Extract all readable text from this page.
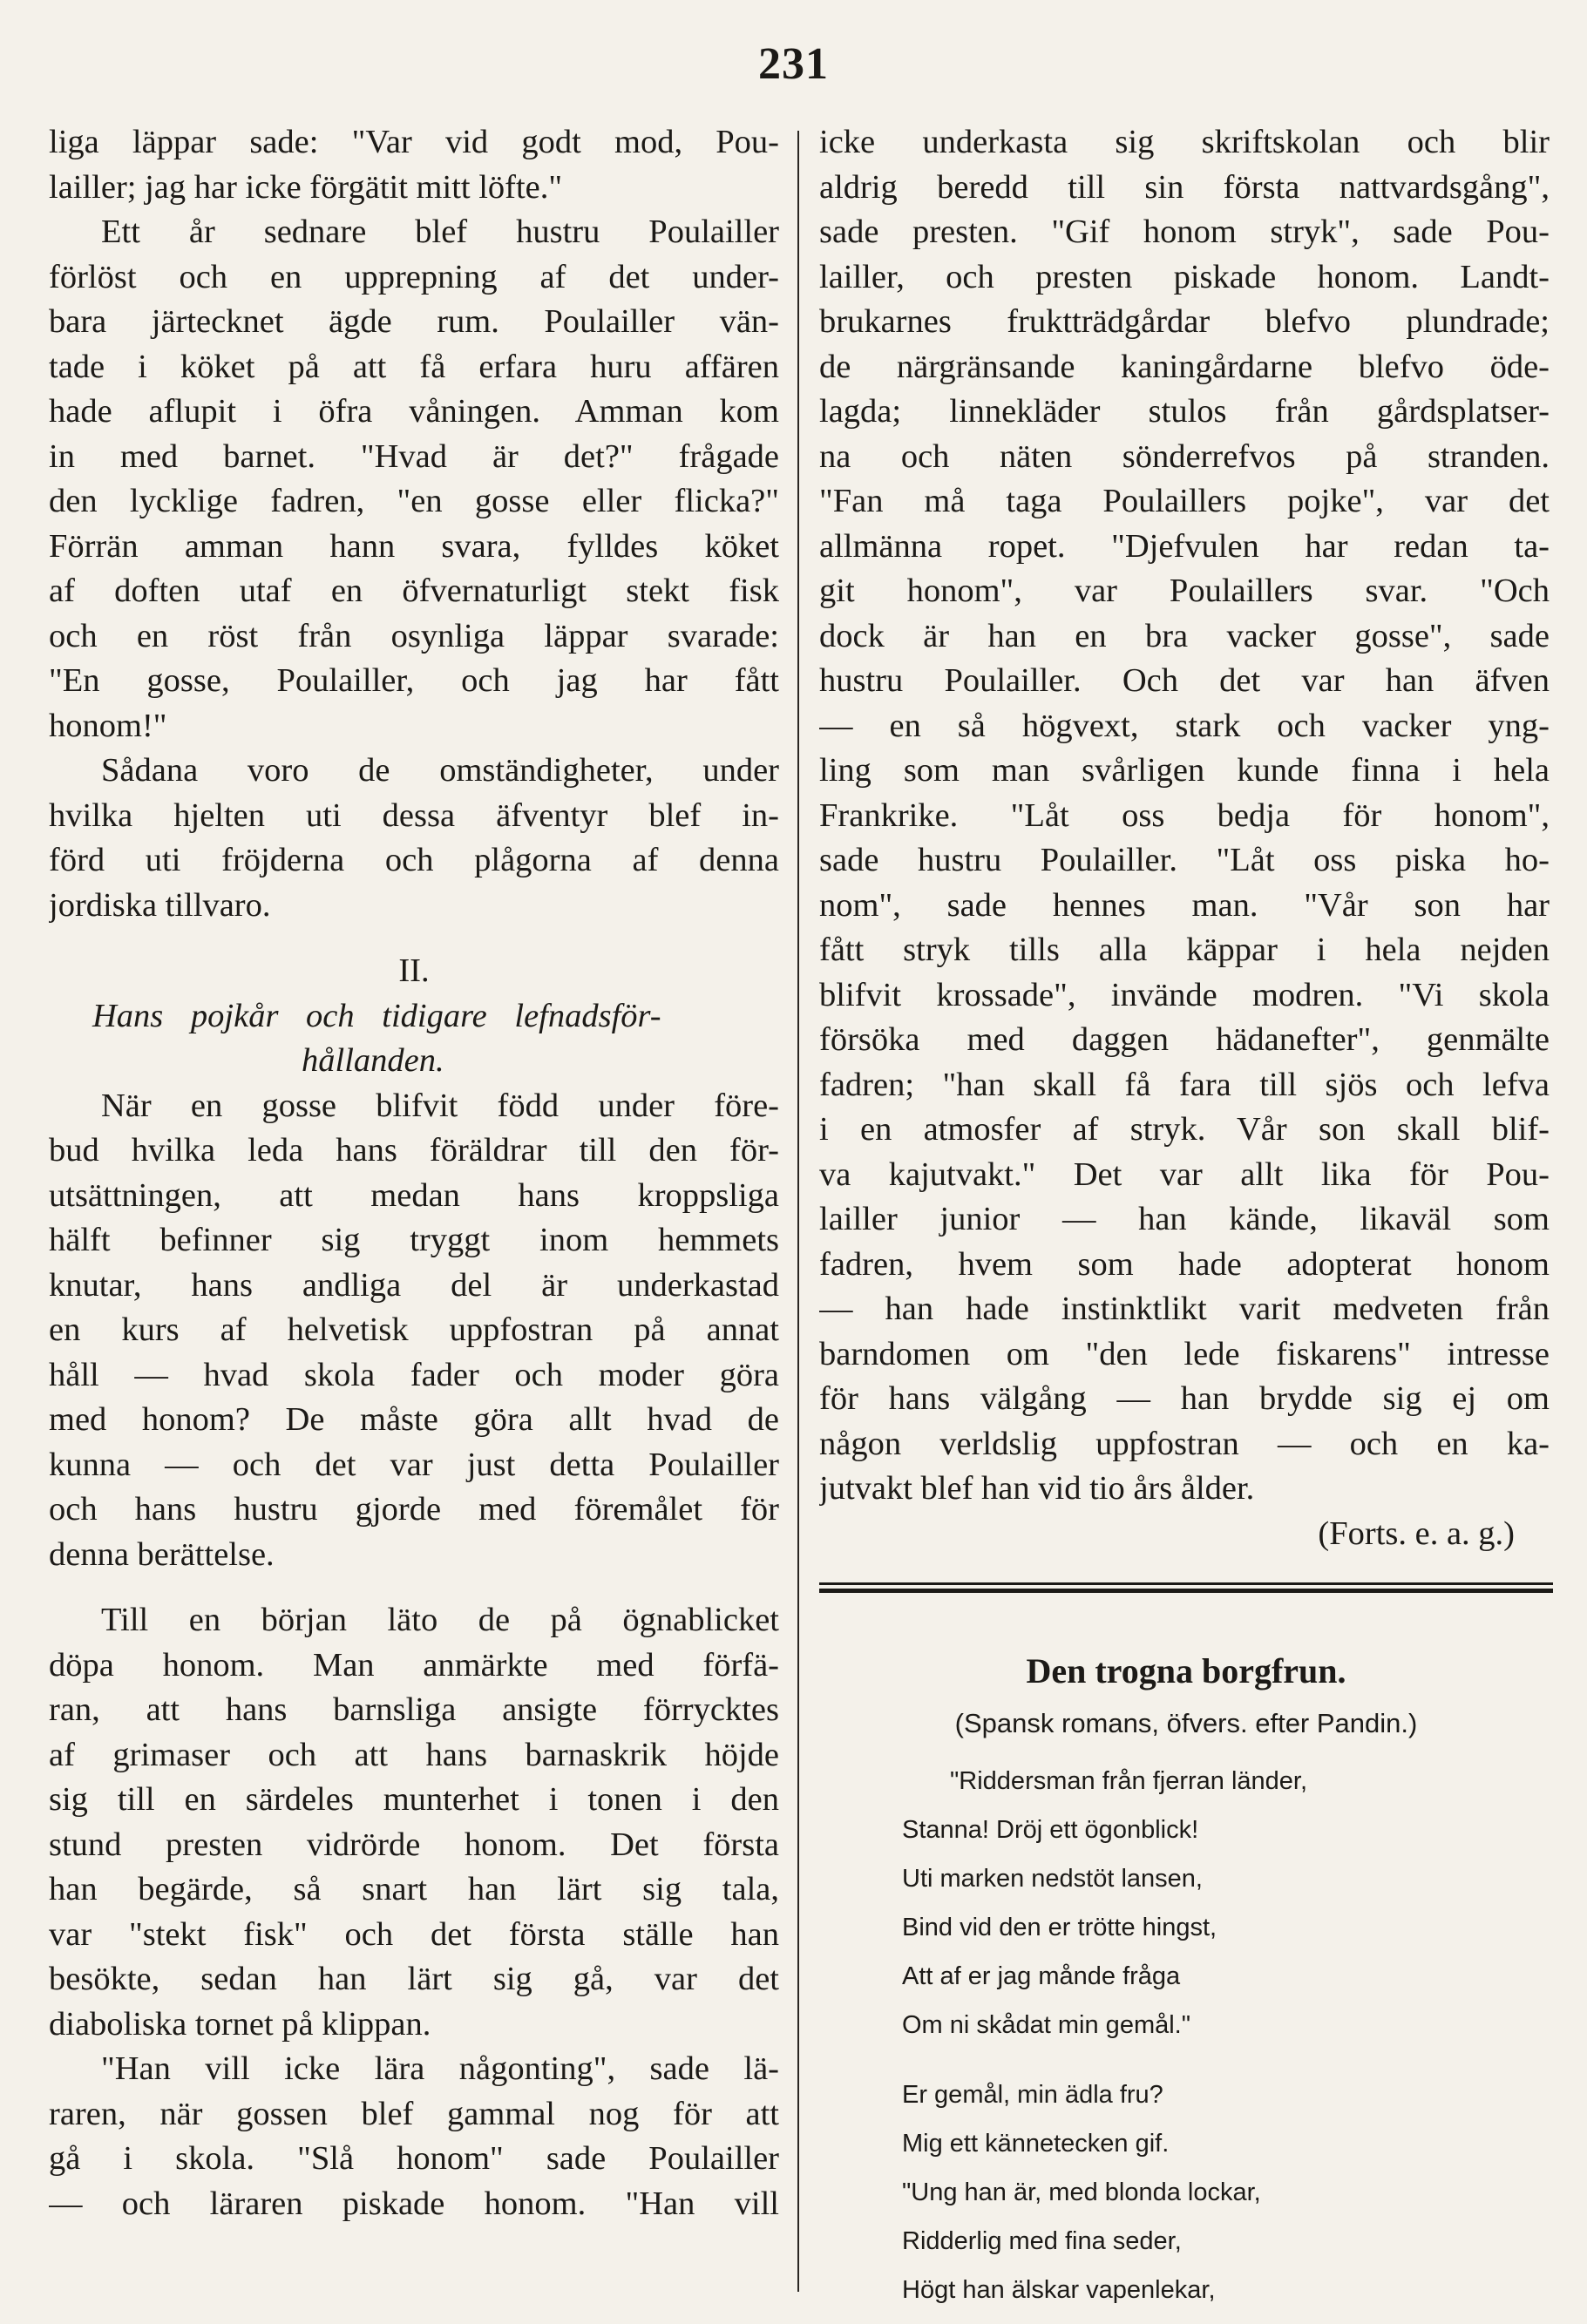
231
liga läppar sade: "Var vid godt mod, Pou-
lailler; jag har icke förgätit mitt löfte."
Ett år sednare blef hustru Poulailler
förlöst och en upprepning af det under-
bara järtecknet ägde rum. Poulailler vän-
tade i köket på att få erfara huru affären
hade aflupit i öfra våningen. Amman kom
in med barnet. "Hvad är det?" frågade
den lycklige fadren, "en gosse eller flicka?"
Förrän amman hann svara, fylldes köket
af doften utaf en öfvernaturligt stekt fisk
och en röst från osynliga läppar svarade:
"En gosse, Poulailler, och jag har fått
honom!"
Sådana voro de omständigheter, under
hvilka hjelten uti dessa äfventyr blef in-
förd uti fröjderna och plågorna af denna
jordiska tillvaro.
II.
Hans pojkår och tidigare lefnadsför-
hållanden.
När en gosse blifvit född under före-
bud hvilka leda hans föräldrar till den för-
utsättningen, att medan hans kroppsliga
hälft befinner sig tryggt inom hemmets
knutar, hans andliga del är underkastad
en kurs af helvetisk uppfostran på annat
håll — hvad skola fader och moder göra
med honom? De måste göra allt hvad de
kunna — och det var just detta Poulailler
och hans hustru gjorde med föremålet för
denna berättelse.
Till en början läto de på ögnablicket
döpa honom. Man anmärkte med förfä-
ran, att hans barnsliga ansigte förrycktes
af grimaser och att hans barnaskrik höjde
sig till en särdeles munterhet i tonen i den
stund presten vidrörde honom. Det första
han begärde, så snart han lärt sig tala,
var "stekt fisk" och det första ställe han
besökte, sedan han lärt sig gå, var det
diaboliska tornet på klippan.
"Han vill icke lära någonting", sade lä-
raren, när gossen blef gammal nog för att
gå i skola. "Slå honom" sade Poulailler
— och läraren piskade honom. "Han vill
icke underkasta sig skriftskolan och blir
aldrig beredd till sin första nattvardsgång",
sade presten. "Gif honom stryk", sade Pou-
lailler, och presten piskade honom. Landt-
brukarnes fruktträdgårdar blefvo plundrade;
de närgränsande kaningårdarne blefvo öde-
lagda; linnekläder stulos från gårdsplatser-
na och näten sönderrefvos på stranden.
"Fan må taga Poulaillers pojke", var det
allmänna ropet. "Djefvulen har redan ta-
git honom", var Poulaillers svar. "Och
dock är han en bra vacker gosse", sade
hustru Poulailler. Och det var han äfven
— en så högvext, stark och vacker yng-
ling som man svårligen kunde finna i hela
Frankrike. "Låt oss bedja för honom",
sade hustru Poulailler. "Låt oss piska ho-
nom", sade hennes man. "Vår son har
fått stryk tills alla käppar i hela nejden
blifvit krossade", invände modren. "Vi skola
försöka med daggen hädanefter", genmälte
fadren; "han skall få fara till sjös och lefva
i en atmosfer af stryk. Vår son skall blif-
va kajutvakt." Det var allt lika för Pou-
lailler junior — han kände, likaväl som
fadren, hvem som hade adopterat honom
— han hade instinktlikt varit medveten från
barndomen om "den lede fiskarens" intresse
för hans välgång — han brydde sig ej om
någon verldslig uppfostran — och en ka-
jutvakt blef han vid tio års ålder.
(Forts. e. a. g.)
Den trogna borgfrun.
(Spansk romans, öfvers. efter Pandin.)
"Riddersman från fjerran länder,
Stanna! Dröj ett ögonblick!
Uti marken nedstöt lansen,
Bind vid den er trötte hingst,
Att af er jag månde fråga
Om ni skådat min gemål."
Er gemål, min ädla fru?
Mig ett kännetecken gif.
"Ung han är, med blonda lockar,
Ridderlig med fina seder,
Högt han älskar vapenlekar,
